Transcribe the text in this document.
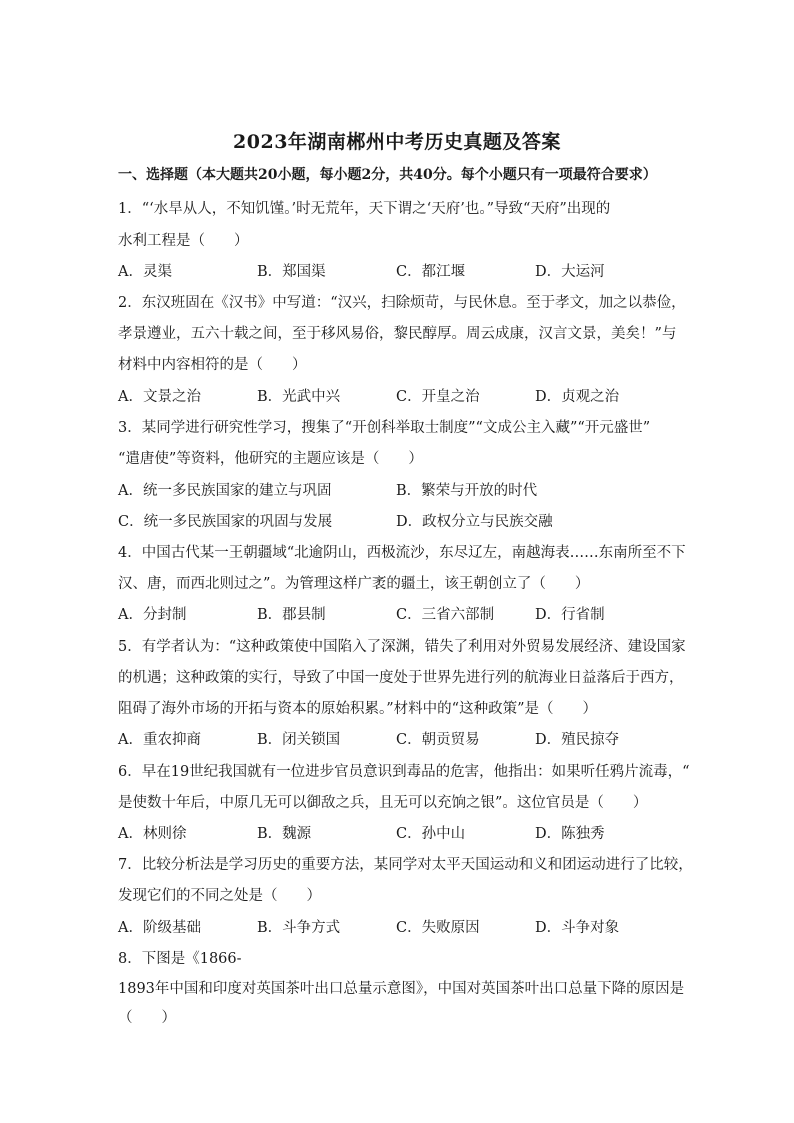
2023年湖南郴州中考历史真题及答案
一、选择题（本大题共20小题，每小题2分，共40分。每个小题只有一项最符合要求）
1．“‘水旱从人，不知饥馑。’时无荒年，天下谓之‘天府’也。”导致“天府”出现的
水利工程是（　　）
A．灵渠	B．郑国渠	C．都江堰	D．大运河
2．东汉班固在《汉书》中写道：“汉兴，扫除烦苛，与民休息。至于孝文，加之以恭俭，
孝景遵业，五六十载之间，至于移风易俗，黎民醇厚。周云成康，汉言文景，美矣！”与
材料中内容相符的是（　　）
A．文景之治	B．光武中兴	C．开皇之治	D．贞观之治
3．某同学进行研究性学习，搜集了“开创科举取士制度”“文成公主入藏”“开元盛世”
“遣唐使”等资料，他研究的主题应该是（　　）
A．统一多民族国家的建立与巩固	B．繁荣与开放的时代
C．统一多民族国家的巩固与发展	D．政权分立与民族交融
4．中国古代某一王朝疆域“北逾阴山，西极流沙，东尽辽左，南越海表……东南所至不下
汉、唐，而西北则过之”。为管理这样广袤的疆土，该王朝创立了（　　）
A．分封制	B．郡县制	C．三省六部制	D．行省制
5．有学者认为：“这种政策使中国陷入了深渊，错失了利用对外贸易发展经济、建设国家
的机遇；这种政策的实行，导致了中国一度处于世界先进行列的航海业日益落后于西方，
阻碍了海外市场的开拓与资本的原始积累。”材料中的“这种政策”是（　　）
A．重农抑商	B．闭关锁国	C．朝贡贸易	D．殖民掠夺
6．早在19世纪我国就有一位进步官员意识到毒品的危害，他指出：如果听任鸦片流毒，“
是使数十年后，中原几无可以御敌之兵，且无可以充饷之银”。这位官员是（　　）
A．林则徐	B．魏源	C．孙中山	D．陈独秀
7．比较分析法是学习历史的重要方法，某同学对太平天国运动和义和团运动进行了比较，
发现它们的不同之处是（　　）
A．阶级基础	B．斗争方式	C．失败原因	D．斗争对象
8．下图是《1866-
1893年中国和印度对英国茶叶出口总量示意图》，中国对英国茶叶出口总量下降的原因是
（　　）
